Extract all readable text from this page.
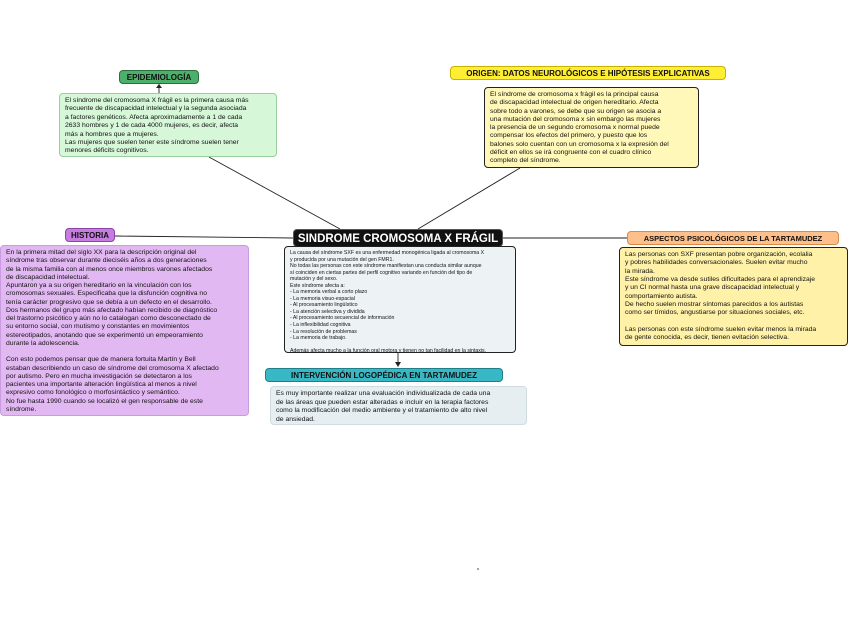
SINDROME CROMOSOMA X FRÁGIL
EPIDEMIOLOGÍA
El síndrome del cromosoma X frágil es la primera causa más
frecuente de discapacidad intelectual y la segunda asociada
a factores genéticos. Afecta aproximadamente a 1 de cada
2633 hombres y 1 de cada 4000 mujeres, es decir, afecta
más a hombres que a mujeres.
Las mujeres que suelen tener este síndrome suelen tener
menores déficits cognitivos.
ORIGEN: DATOS NEUROLÓGICOS E HIPÓTESIS EXPLICATIVAS
El síndrome de cromosoma x frágil es la principal causa
de discapacidad intelectual de origen hereditario. Afecta
sobre todo a varones, se debe que su origen se asocia a
una mutación del cromosoma x sin embargo las mujeres
la presencia de un segundo cromosoma x normal puede
compensar los efectos del primero, y puesto que los
balones solo cuentan con un cromosoma x la expresión del
déficit en ellos se irá congruente con el cuadro clínico
completo del síndrome.
HISTORIA
En la primera mitad del siglo XX para la descripción original del
síndrome tras observar durante dieciséis años a dos generaciones
de la misma familia con al menos once miembros varones afectados
de discapacidad intelectual.
Apuntaron ya a su origen hereditario en la vinculación con los
cromosomas sexuales. Especificaba que la disfunción cognitiva no
tenía carácter progresivo que se debía a un defecto en el desarrollo.
Dos hermanos del grupo más afectado habían recibido de diagnóstico
del trastorno psicótico y aún no lo catalogan como desconectado de
su entorno social, con mutismo y constantes en movimientos
estereotipados, anotando que se experimentó un empeoramiento
durante la adolescencia.

Con esto podemos pensar que de manera fortuita Martín y Bell
estaban describiendo un caso de síndrome del cromosoma X afectado
por autismo. Pero en mucha investigación se detectaron a los
pacientes una importante alteración lingüística al menos a nivel
expresivo como fonológico o morfosintáctico y semántico.
No fue hasta 1990 cuando se localizó el gen responsable de este
síndrome.
La causa del síndrome SXF es una enfermedad monogénica ligada al cromosoma X
y producida por una mutación del gen FMR1.
No todas las personas con este síndrome manifiestan una conducta similar aunque
sí coinciden en ciertas partes del perfil cognitivo variando en función del tipo de
mutación y del sexo.
Este síndrome afecta a:
- La memoria verbal a corto plazo
- La memoria visuo-espacial
- Al procesamiento lingüístico
- La atención selectiva y dividida
- Al procesamiento secuencial de información
- La inflexibilidad cognitiva
- La resolución de problemas
- La memoria de trabajo.

Además afecta mucho a la función oral motora y tienen no tan facilidad en la sintaxis.
ASPECTOS PSICOLÓGICOS DE LA TARTAMUDEZ
Las personas con SXF presentan pobre organización, ecolalia
y pobres habilidades conversacionales. Suelen evitar mucho
la mirada.
Este síndrome va desde sutiles dificultades para el aprendizaje
y un CI normal hasta una grave discapacidad intelectual y
comportamiento autista.
De hecho suelen mostrar síntomas parecidos a los autistas
como ser tímidos, angustiarse por situaciones sociales, etc.

Las personas con este síndrome suelen evitar menos la mirada
de gente conocida, es decir, tienen evitación selectiva.
INTERVENCIÓN LOGOPÉDICA EN TARTAMUDEZ
Es muy importante realizar una evaluación individualizada de cada una
de las áreas que pueden estar alteradas e incluir en la terapia factores
como la modificación del medio ambiente y el tratamiento de alto nivel
de ansiedad.
